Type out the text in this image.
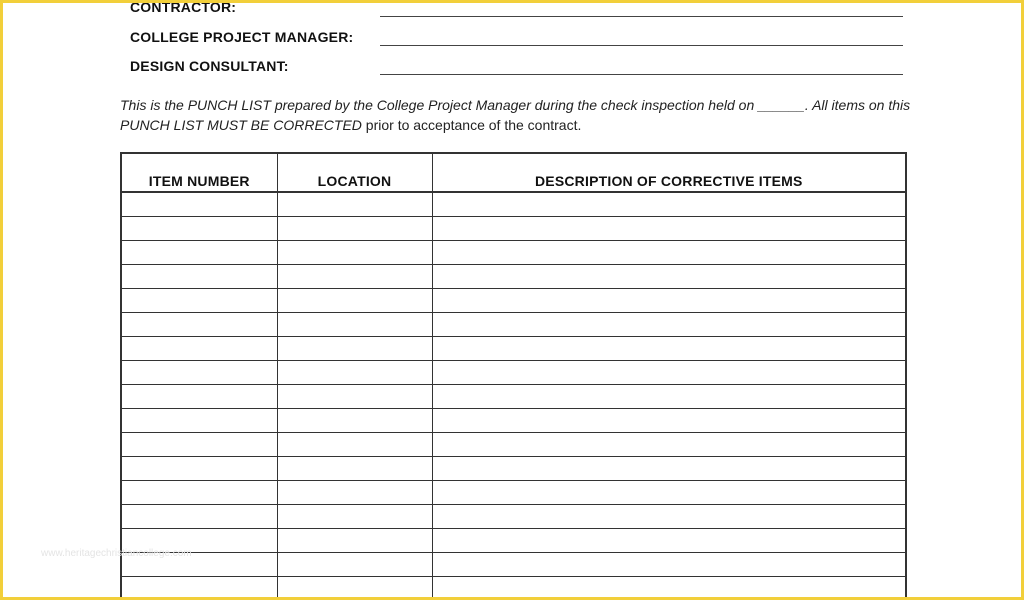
CONTRACTOR:
COLLEGE PROJECT MANAGER:
DESIGN CONSULTANT:
This is the PUNCH LIST prepared by the College Project Manager during the check inspection held on ______. All items on this PUNCH LIST MUST BE CORRECTED prior to acceptance of the contract.
ITEM NUMBER	LOCATION	DESCRIPTION OF CORRECTIVE ITEMS

www.heritagechristiancollege.com
